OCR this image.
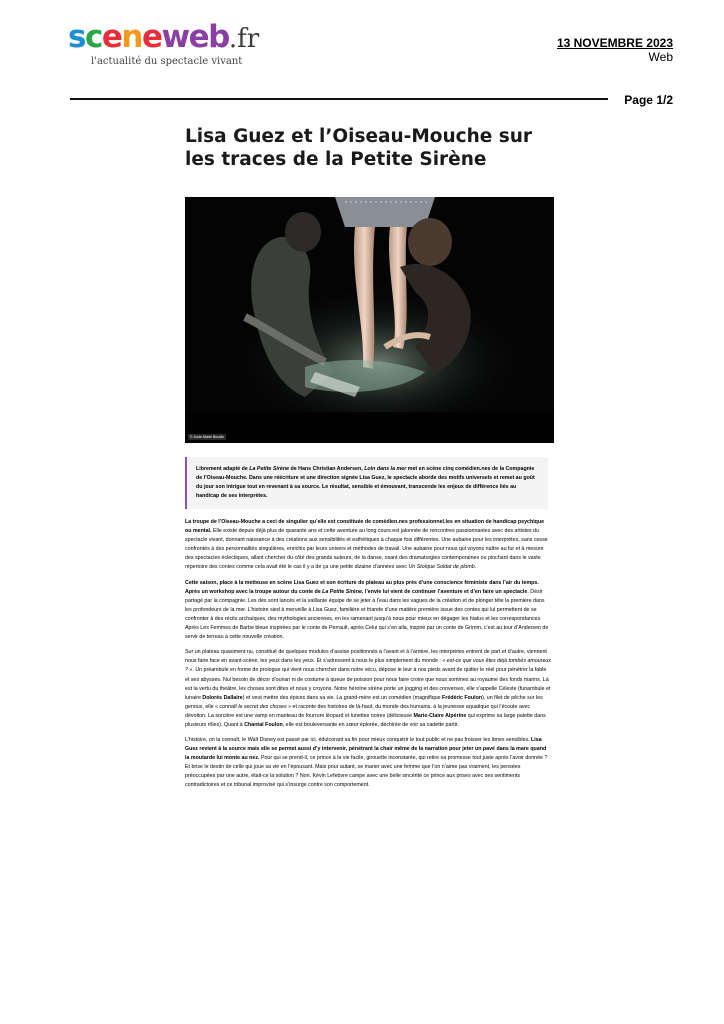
sceneweb.fr
l'actualité du spectacle vivant
13 NOVEMBRE 2023
Web
Page 1/2
Lisa Guez et l’Oiseau-Mouche sur les traces de la Petite Sirène
© Aude-Marie Boudin
Librement adapté de La Petite Sirène de Hans Christian Andersen, Loin dans la mer met en scène cinq comédien.nes de la Compagnie de l’Oiseau-Mouche. Dans une réécriture et une direction signée Lisa Guez, le spectacle aborde des motifs universels et remet au goût du jour son intrigue tout en revenant à sa source. Le résultat, sensible et émouvant, transcende les enjeux de différence liés au handicap de ses interprètes.

La troupe de l’Oiseau-Mouche a ceci de singulier qu’elle est constituée de comédien.nes professionnel.les en situation de handicap psychique ou mental. Elle existe depuis déjà plus de quarante ans et cette aventure au long cours est jalonnée de rencontres passionnantes avec des artistes du spectacle vivant, donnant naissance à des créations aux sensibilités et esthétiques à chaque fois différentes. Une aubaine pour les interprètes, sans cesse confrontés à des personnalités singulières, enrichis par leurs univers et méthodes de travail. Une aubaine pour nous qui voyons naître au fur et à mesure des spectacles éclectiques, allant chercher du côté des grands auteurs, de la danse, osant des dramaturgies contemporaines ou piochant dans le vaste répertoire des contes comme cela avait été le cas il y a de ça une petite dizaine d’années avec Un Stoïque Soldat de plomb.

Cette saison, place à la metteuse en scène Lisa Guez et son écriture de plateau au plus près d’une conscience féministe dans l’air du temps. Après un workshop avec la troupe autour du conte de La Petite Sirène, l’envie lui vient de continuer l’aventure et d’en faire un spectacle. Désir partagé par la compagnie. Les dés sont lancés et la vaillante équipe de se jeter à l’eau dans les vagues de la création et de plonger tête la première dans les profondeurs de la mer. L’histoire sied à merveille à Lisa Guez, familière et friande d’une matière première issue des contes qui lui permettent de se confronter à des récits archaïques, des mythologies anciennes, en les ramenant jusqu’à nous pour mieux en dégager les hiatus et les correspondances. Après Les Femmes de Barbe bleue inspirées par le conte de Perrault, après Celui qui s’en alla, inspiré par un conte de Grimm, c’est au tour d’Andersen de servir de terreau à cette nouvelle création.

Sur un plateau quasiment nu, constitué de quelques modules d’assise positionnés à l’avant et à l’arrière, les interprètes entrent de part et d’autre, viennent nous faire face en avant-scène, les yeux dans les yeux. Et s’adressent à nous le plus simplement du monde : « est-ce que vous êtes déjà tombés amoureux ? ». Un préambule en forme de prologue qui vient nous chercher dans notre vécu, dépose le leur à nos pieds avant de quitter le réel pour pénétrer la fable et ses abysses. Nul besoin de décor d’océan ni de costume à queue de poisson pour nous faire croire que nous sommes au royaume des fonds marins. Là est la vertu du théâtre, les choses sont dites et nous y croyons. Notre héroïne sirène porte un jogging et des converses, elle s’appelle Céleste (funambule et lunaire Dolorès Dallaire) et veut mettre des épices dans sa vie. La grand-mère est un comédien (magnifique Frédéric Foulon), un filet de pêche sur les genoux, elle « connaît le secret des choses » et raconte des histoires de là-haut, du monde des humains, à la jeunesse aquatique qui l’écoute avec dévotion. La sorcière est une vamp en manteau de fourrure léopard et lunettes noires (délicieuse Marie-Claire Alpérine qui exprime sa large palette dans plusieurs rôles). Quant à Chantal Foulon, elle est bouleversante en sœur éplorée, déchirée de voir sa cadette partir.

L’histoire, on la connaît, le Walt Disney est passé par ici, édulcorant sa fin pour mieux conquérir le tout public et ne pas froisser les âmes sensibles. Lisa Guez revient à la source mais elle se permet aussi d’y intervenir, pénétrant la chair même de la narration pour jeter un pavé dans la mare quand la moutarde lui monte au nez. Pour qui se prend-il, ce prince à la vie facile, girouette inconstante, qui retire sa promesse tout juste après l’avoir donnée ? Et brise le destin de celle qui joue sa vie en l’épousant. Mais pour autant, se marier avec une femme que l’on n’aime pas vraiment, les pensées préoccupées par une autre, était-ce la solution ? Non. Kévin Lefebvre campe avec une belle sincérité ce prince aux prises avec ses sentiments contradictoires et ce tribunal improvisé qui s’insurge contre son comportement.
